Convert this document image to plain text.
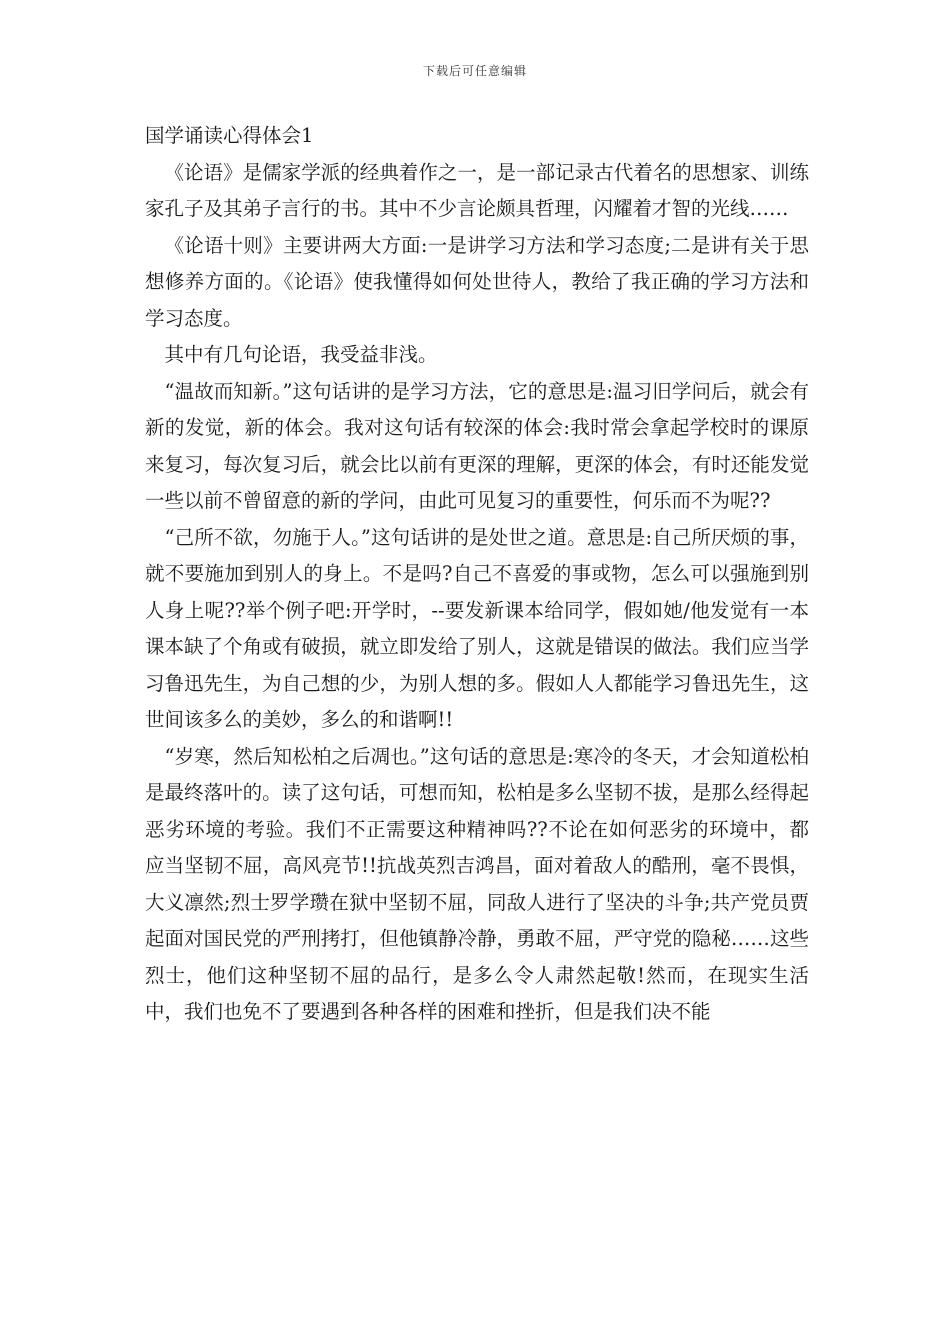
下载后可任意编辑
国学诵读心得体会1

《论语》是儒家学派的经典着作之一，是一部记录古代着名的思想家、训练家孔子及其弟子言行的书。其中不少言论颇具哲理，闪耀着才智的光线……

《论语十则》主要讲两大方面:一是讲学习方法和学习态度;二是讲有关于思想修养方面的。《论语》使我懂得如何处世待人，教给了我正确的学习方法和学习态度。

其中有几句论语，我受益非浅。

“温故而知新。”这句话讲的是学习方法，它的意思是:温习旧学问后，就会有新的发觉，新的体会。我对这句话有较深的体会:我时常会拿起学校时的课原来复习，每次复习后，就会比以前有更深的理解，更深的体会，有时还能发觉一些以前不曾留意的新的学问，由此可见复习的重要性，何乐而不为呢??

“己所不欲，勿施于人。”这句话讲的是处世之道。意思是:自己所厌烦的事，就不要施加到别人的身上。不是吗?自己不喜爱的事或物，怎么可以强施到别人身上呢??举个例子吧:开学时，--要发新课本给同学，假如她/他发觉有一本课本缺了个角或有破损，就立即发给了别人，这就是错误的做法。我们应当学习鲁迅先生，为自己想的少，为别人想的多。假如人人都能学习鲁迅先生，这世间该多么的美妙，多么的和谐啊!!

“岁寒，然后知松柏之后凋也。”这句话的意思是:寒冷的冬天，才会知道松柏是最终落叶的。读了这句话，可想而知，松柏是多么坚韧不拔，是那么经得起恶劣环境的考验。我们不正需要这种精神吗??不论在如何恶劣的环境中，都应当坚韧不屈，高风亮节!!抗战英烈吉鸿昌，面对着敌人的酷刑，毫不畏惧，大义凛然;烈士罗学瓒在狱中坚韧不屈，同敌人进行了坚决的斗争;共产党员贾起面对国民党的严刑拷打，但他镇静冷静，勇敢不屈，严守党的隐秘……这些烈士，他们这种坚韧不屈的品行，是多么令人肃然起敬!然而，在现实生活中，我们也免不了要遇到各种各样的困难和挫折，但是我们决不能
